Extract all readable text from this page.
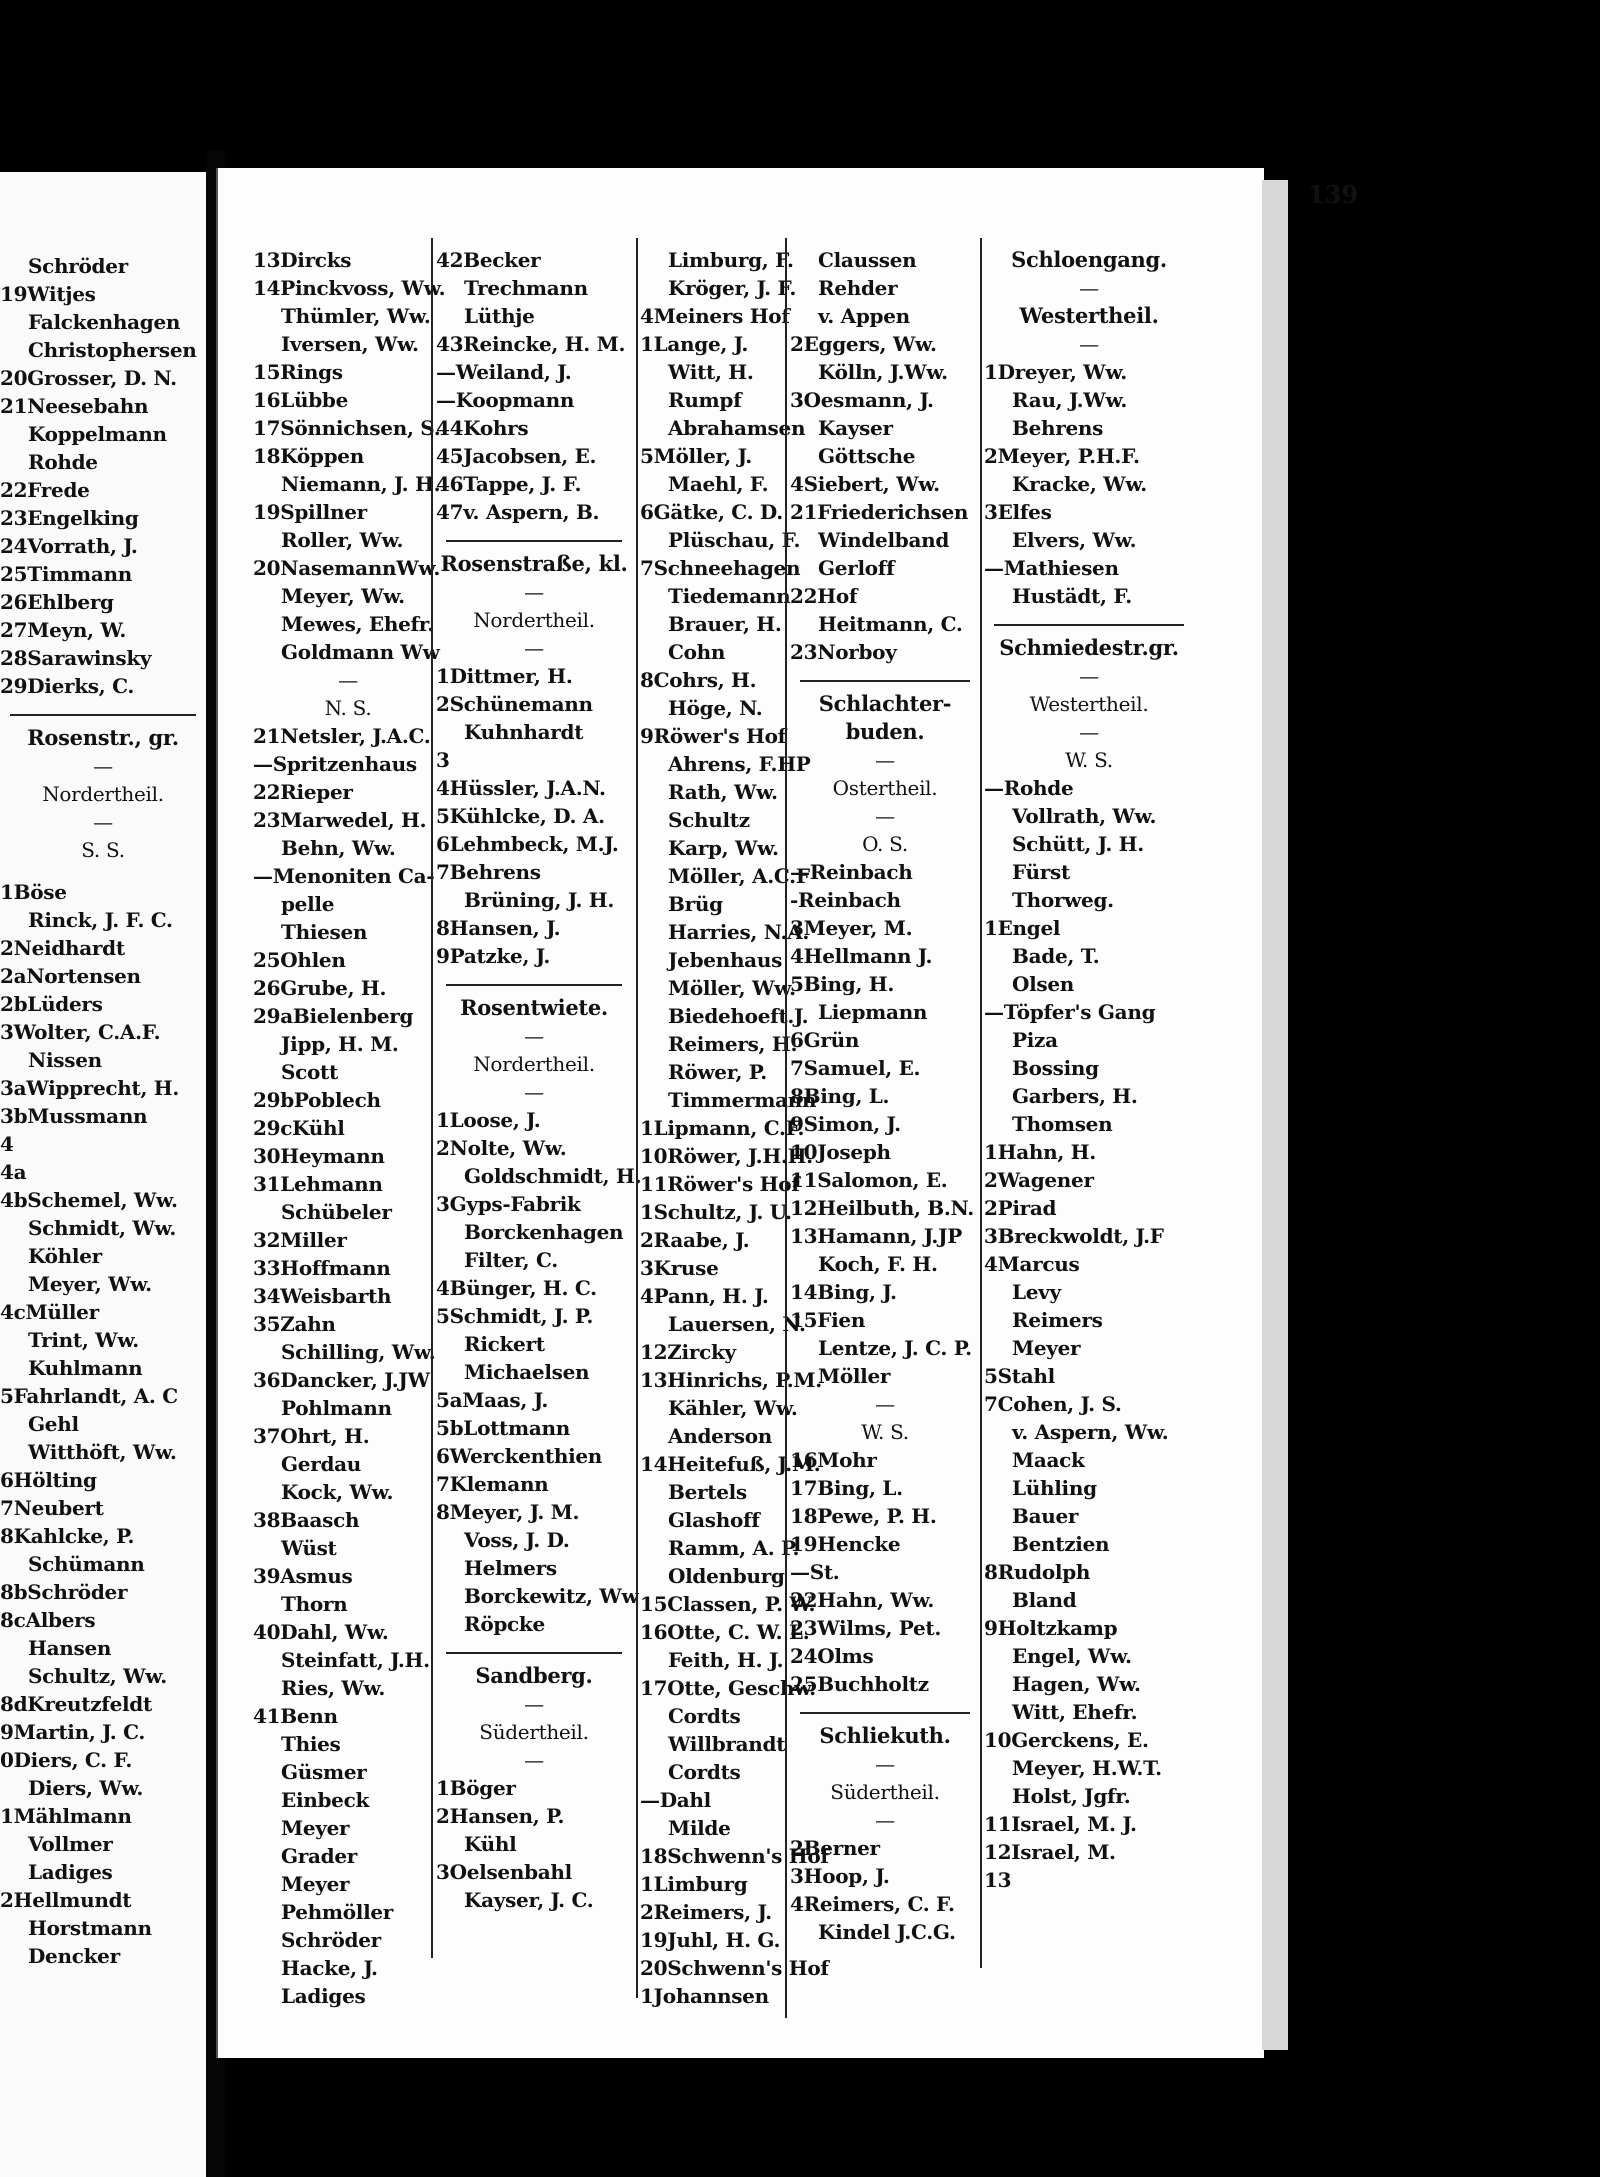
Schröder
19Witjes
Falckenhagen
Christophersen
20Grosser, D. N.
21Neesebahn
Koppelmann
Rohde
22Frede
23Engelking
24Vorrath, J.
25Timmann
26Ehlberg
27Meyn, W.
28Sarawinsky
29Dierks, C.
Rosenstr., gr.
—
Nordertheil.
—
S. S.
1Böse
Rinck, J. F. C.
2Neidhardt
2aNortensen
2bLüders
3Wolter, C.A.F.
Nissen
3aWipprecht, H.
3bMussmann
4
4a
4bSchemel, Ww.
Schmidt, Ww.
Köhler
Meyer, Ww.
4cMüller
Trint, Ww.
Kuhlmann
5Fahrlandt, A. C
Gehl
Witthöft, Ww.
6Hölting
7Neubert
8Kahlcke, P.
Schümann
8bSchröder
8cAlbers
Hansen
Schultz, Ww.
8dKreutzfeldt
9Martin, J. C.
0Diers, C. F.
Diers, Ww.
1Mählmann
Vollmer
Ladiges
2Hellmundt
Horstmann
Dencker
139
13Dircks
14Pinckvoss, Ww.
Thümler, Ww.
Iversen, Ww.
15Rings
16Lübbe
17Sönnichsen, S.
18Köppen
Niemann, J. H.
19Spillner
Roller, Ww.
20NasemannWw.
Meyer, Ww.
Mewes, Ehefr.
Goldmann Ww
—
N. S.
21Netsler, J.A.C.
—Spritzenhaus
22Rieper
23Marwedel, H.
Behn, Ww.
—Menoniten Ca-
pelle
Thiesen
25Ohlen
26Grube, H.
29aBielenberg
Jipp, H. M.
Scott
29bPoblech
29cKühl
30Heymann
31Lehmann
Schübeler
32Miller
33Hoffmann
34Weisbarth
35Zahn
Schilling, Ww.
36Dancker, J.JW
Pohlmann
37Ohrt, H.
Gerdau
Kock, Ww.
38Baasch
Wüst
39Asmus
Thorn
40Dahl, Ww.
Steinfatt, J.H.
Ries, Ww.
41Benn
Thies
Güsmer
Einbeck
Meyer
Grader
Meyer
Pehmöller
Schröder
Hacke, J.
Ladiges
42Becker
Trechmann
Lüthje
43Reincke, H. M.
—Weiland, J.
—Koopmann
44Kohrs
45Jacobsen, E.
46Tappe, J. F.
47v. Aspern, B.
Rosenstraße, kl.
—
Nordertheil.
—
1Dittmer, H.
2Schünemann
Kuhnhardt
3
4Hüssler, J.A.N.
5Kühlcke, D. A.
6Lehmbeck, M.J.
7Behrens
Brüning, J. H.
8Hansen, J.
9Patzke, J.
Rosentwiete.
—
Nordertheil.
—
1Loose, J.
2Nolte, Ww.
Goldschmidt, H.
3Gyps-Fabrik
Borckenhagen
Filter, C.
4Bünger, H. C.
5Schmidt, J. P.
Rickert
Michaelsen
5aMaas, J.
5bLottmann
6Werckenthien
7Klemann
8Meyer, J. M.
Voss, J. D.
Helmers
Borckewitz, Ww
Röpcke
Sandberg.
—
Südertheil.
—
1Böger
2Hansen, P.
Kühl
3Oelsenbahl
Kayser, J. C.
Limburg, F.
Kröger, J. F.
4Meiners Hof
1Lange, J.
Witt, H.
Rumpf
Abrahamsen
5Möller, J.
Maehl, F.
6Gätke, C. D.
Plüschau, F.
7Schneehagen
Tiedemann
Brauer, H.
Cohn
8Cohrs, H.
Höge, N.
9Röwer's Hof
Ahrens, F.HP
Rath, Ww.
Schultz
Karp, Ww.
Möller, A.C.F
Brüg
Harries, N.A.
Jebenhaus
Möller, Ww.
Biedehoeft.J.
Reimers, H.
Röwer, P.
Timmermann
1Lipmann, C.F.
10Röwer, J.H.H.
11Röwer's Hof
1Schultz, J. U.
2Raabe, J.
3Kruse
4Pann, H. J.
Lauersen, N.
12Zircky
13Hinrichs, P.M.
Kähler, Ww.
Anderson
14Heitefuß, J.M.
Bertels
Glashoff
Ramm, A. P.
Oldenburg
15Classen, P. W.
16Otte, C. W. L.
Feith, H. J.
17Otte, Geschw.
Cordts
Willbrandt
Cordts
—Dahl
Milde
18Schwenn's Hof
1Limburg
2Reimers, J.
19Juhl, H. G.
20Schwenn's Hof
1Johannsen
Claussen
Rehder
v. Appen
2Eggers, Ww.
Kölln, J.Ww.
3Oesmann, J.
Kayser
Göttsche
4Siebert, Ww.
21Friederichsen
Windelband
Gerloff
22Hof
Heitmann, C.
23Norboy
Schlachter-
buden.
—
Ostertheil.
—
O. S.
—Reinbach
-Reinbach
3Meyer, M.
4Hellmann J.
5Bing, H.
Liepmann
6Grün
7Samuel, E.
8Bing, L.
9Simon, J.
10Joseph
11Salomon, E.
12Heilbuth, B.N.
13Hamann, J.JP
Koch, F. H.
14Bing, J.
15Fien
Lentze, J. C. P.
Möller
—
W. S.
16Mohr
17Bing, L.
18Pewe, P. H.
19Hencke
—St.
22Hahn, Ww.
23Wilms, Pet.
24Olms
25Buchholtz
Schliekuth.
—
Südertheil.
—
2Berner
3Hoop, J.
4Reimers, C. F.
Kindel J.C.G.
Schloengang.
—
Westertheil.
—
1Dreyer, Ww.
Rau, J.Ww.
Behrens
2Meyer, P.H.F.
Kracke, Ww.
3Elfes
Elvers, Ww.
—Mathiesen
Hustädt, F.
Schmiedestr.gr.
—
Westertheil.
—
W. S.
—Rohde
Vollrath, Ww.
Schütt, J. H.
Fürst
Thorweg.
1Engel
Bade, T.
Olsen
—Töpfer's Gang
Piza
Bossing
Garbers, H.
Thomsen
1Hahn, H.
2Wagener
2Pirad
3Breckwoldt, J.F
4Marcus
Levy
Reimers
Meyer
5Stahl
7Cohen, J. S.
v. Aspern, Ww.
Maack
Lühling
Bauer
Bentzien
8Rudolph
Bland
9Holtzkamp
Engel, Ww.
Hagen, Ww.
Witt, Ehefr.
10Gerckens, E.
Meyer, H.W.T.
Holst, Jgfr.
11Israel, M. J.
12Israel, M.
13
